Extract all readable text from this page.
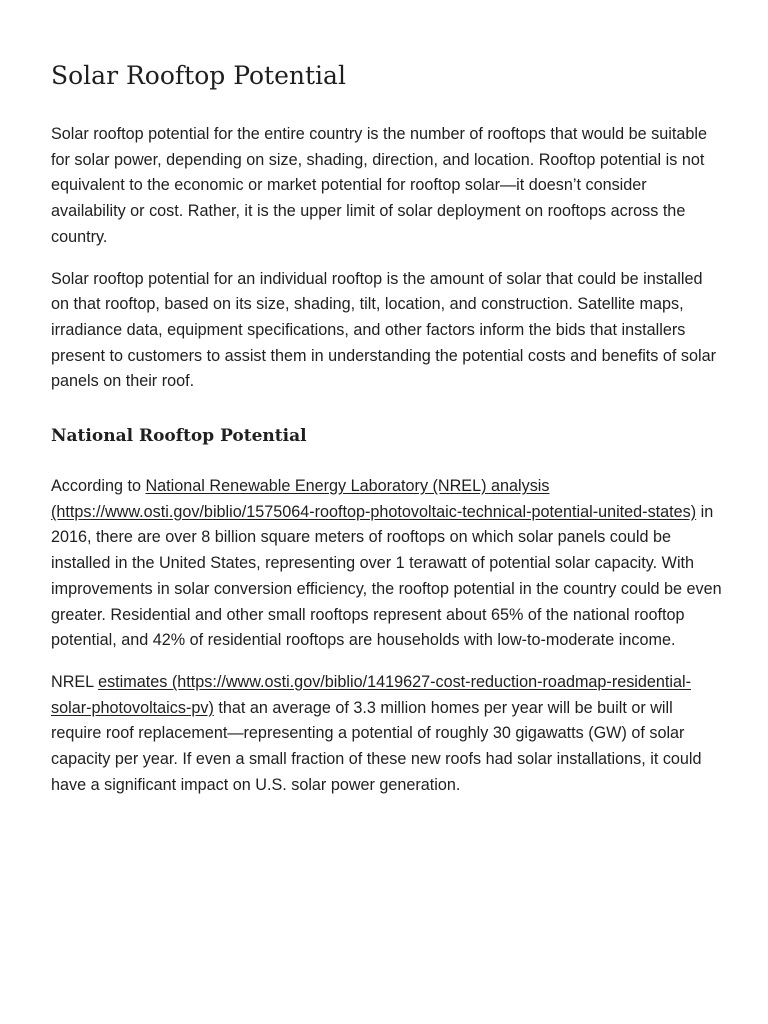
Solar Rooftop Potential

Solar rooftop potential for the entire country is the number of rooftops that would be suitable for solar power, depending on size, shading, direction, and location. Rooftop potential is not equivalent to the economic or market potential for rooftop solar—it doesn’t consider availability or cost. Rather, it is the upper limit of solar deployment on rooftops across the country.

Solar rooftop potential for an individual rooftop is the amount of solar that could be installed on that rooftop, based on its size, shading, tilt, location, and construction. Satellite maps, irradiance data, equipment specifications, and other factors inform the bids that installers present to customers to assist them in understanding the potential costs and benefits of solar panels on their roof.

National Rooftop Potential

According to National Renewable Energy Laboratory (NREL) analysis (https://www.osti.gov/biblio/1575064-rooftop-photovoltaic-technical-potential-united-states) in 2016, there are over 8 billion square meters of rooftops on which solar panels could be installed in the United States, representing over 1 terawatt of potential solar capacity. With improvements in solar conversion efficiency, the rooftop potential in the country could be even greater. Residential and other small rooftops represent about 65% of the national rooftop potential, and 42% of residential rooftops are households with low-to-moderate income.

NREL estimates (https://www.osti.gov/biblio/1419627-cost-reduction-roadmap-residential-solar-photovoltaics-pv) that an average of 3.3 million homes per year will be built or will require roof replacement—representing a potential of roughly 30 gigawatts (GW) of solar capacity per year. If even a small fraction of these new roofs had solar installations, it could have a significant impact on U.S. solar power generation.
